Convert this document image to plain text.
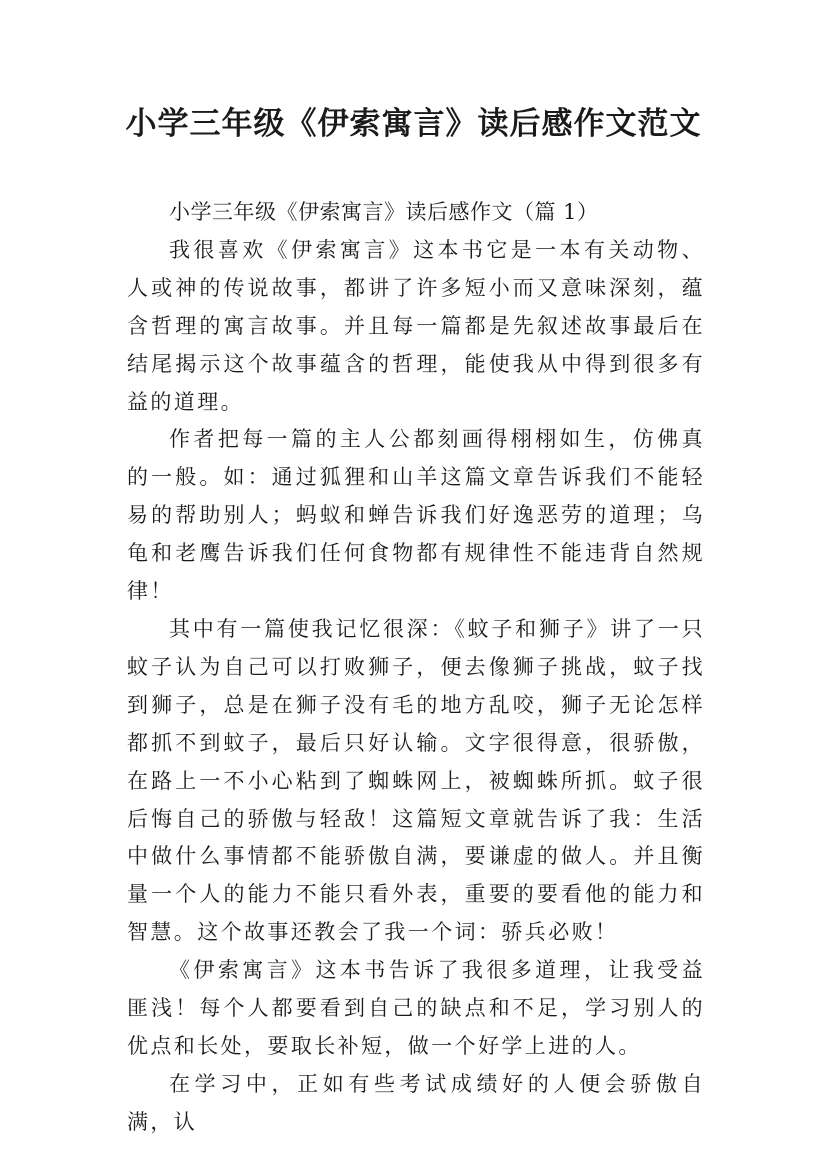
小学三年级《伊索寓言》读后感作文范文

小学三年级《伊索寓言》读后感作文（篇 1）

我很喜欢《伊索寓言》这本书它是一本有关动物、人或神的传说故事，都讲了许多短小而又意味深刻，蕴含哲理的寓言故事。并且每一篇都是先叙述故事最后在结尾揭示这个故事蕴含的哲理，能使我从中得到很多有益的道理。

作者把每一篇的主人公都刻画得栩栩如生，仿佛真的一般。如：通过狐狸和山羊这篇文章告诉我们不能轻易的帮助别人；蚂蚁和蝉告诉我们好逸恶劳的道理；乌龟和老鹰告诉我们任何食物都有规律性不能违背自然规律！

其中有一篇使我记忆很深：《蚊子和狮子》讲了一只蚊子认为自己可以打败狮子，便去像狮子挑战，蚊子找到狮子，总是在狮子没有毛的地方乱咬，狮子无论怎样都抓不到蚊子，最后只好认输。文字很得意，很骄傲，在路上一不小心粘到了蜘蛛网上，被蜘蛛所抓。蚊子很后悔自己的骄傲与轻敌！这篇短文章就告诉了我：生活中做什么事情都不能骄傲自满，要谦虚的做人。并且衡量一个人的能力不能只看外表，重要的要看他的能力和智慧。这个故事还教会了我一个词：骄兵必败！

《伊索寓言》这本书告诉了我很多道理，让我受益匪浅！每个人都要看到自己的缺点和不足，学习别人的优点和长处，要取长补短，做一个好学上进的人。

在学习中，正如有些考试成绩好的人便会骄傲自满，认
